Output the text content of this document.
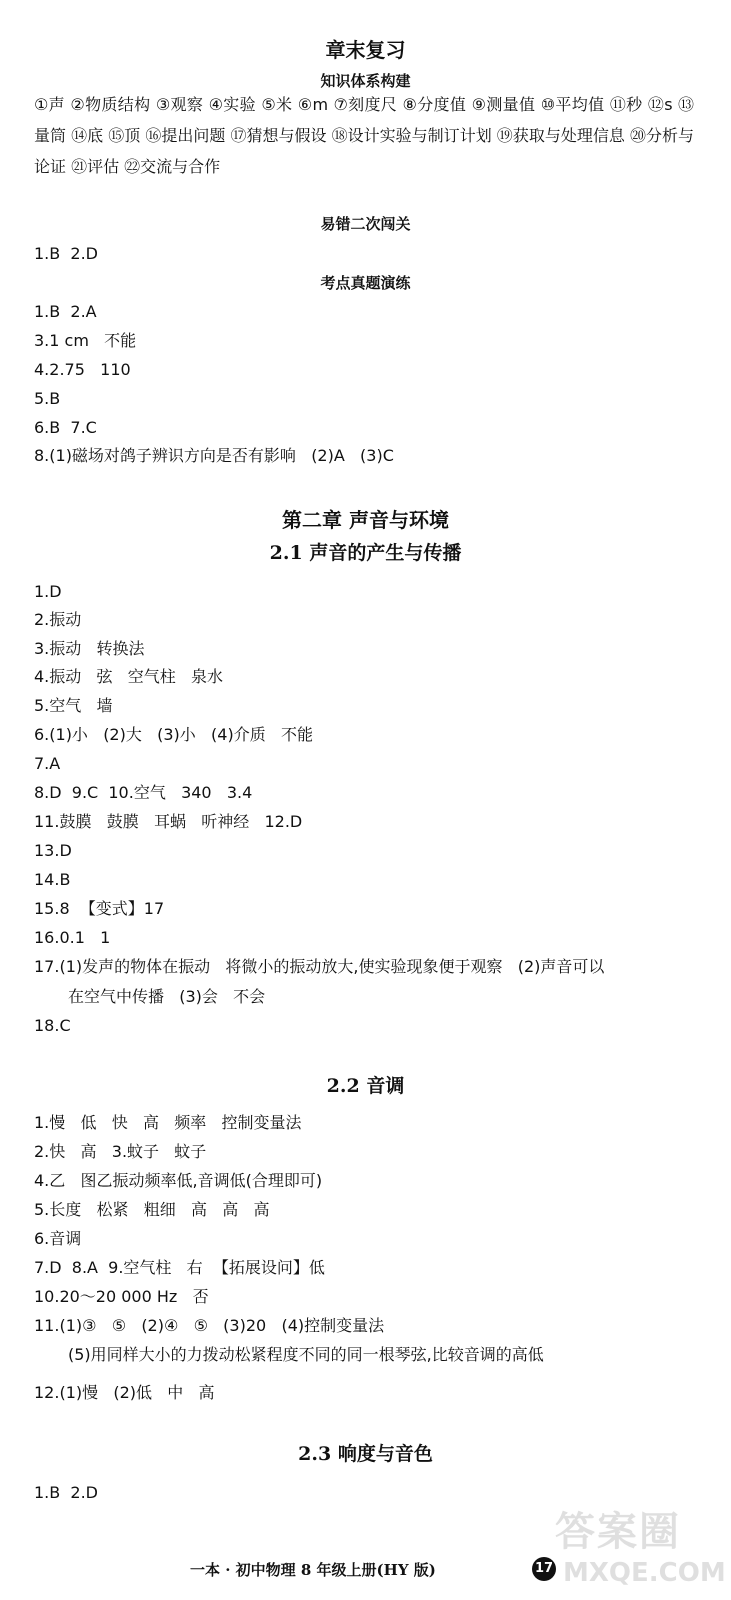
章末复习
知识体系构建
①声 ②物质结构 ③观察 ④实验 ⑤米 ⑥m ⑦刻度尺 ⑧分度值 ⑨测量值 ⑩平均值 ⑪秒 ⑫s ⑬量筒 ⑭底 ⑮顶 ⑯提出问题 ⑰猜想与假设 ⑱设计实验与制订计划 ⑲获取与处理信息 ⑳分析与论证 ㉑评估 ㉒交流与合作
易错二次闯关
1.B  2.D
考点真题演练
1.B  2.A
3.1 cm   不能
4.2.75   110
5.B
6.B  7.C
8.(1)磁场对鸽子辨识方向是否有影响   (2)A   (3)C
第二章 声音与环境
2.1 声音的产生与传播
1.D
2.振动
3.振动   转换法
4.振动   弦   空气柱   泉水
5.空气   墙
6.(1)小   (2)大   (3)小   (4)介质   不能
7.A
8.D  9.C  10.空气   340   3.4
11.鼓膜   鼓膜   耳蜗   听神经   12.D
13.D
14.B
15.8  【变式】17
16.0.1   1
17.(1)发声的物体在振动   将微小的振动放大,使实验现象便于观察   (2)声音可以
在空气中传播   (3)会   不会
18.C
2.2 音调
1.慢   低   快   高   频率   控制变量法
2.快   高   3.蚊子   蚊子
4.乙   图乙振动频率低,音调低(合理即可)
5.长度   松紧   粗细   高   高   高
6.音调
7.D  8.A  9.空气柱   右  【拓展设问】低
10.20～20 000 Hz   否
11.(1)③   ⑤   (2)④   ⑤   (3)20   (4)控制变量法
(5)用同样大小的力拨动松紧程度不同的同一根琴弦,比较音调的高低
12.(1)慢   (2)低   中   高
2.3 响度与音色
1.B  2.D
答案圈
MXQE.COM
一本 · 初中物理 8 年级上册(HY 版)	17
